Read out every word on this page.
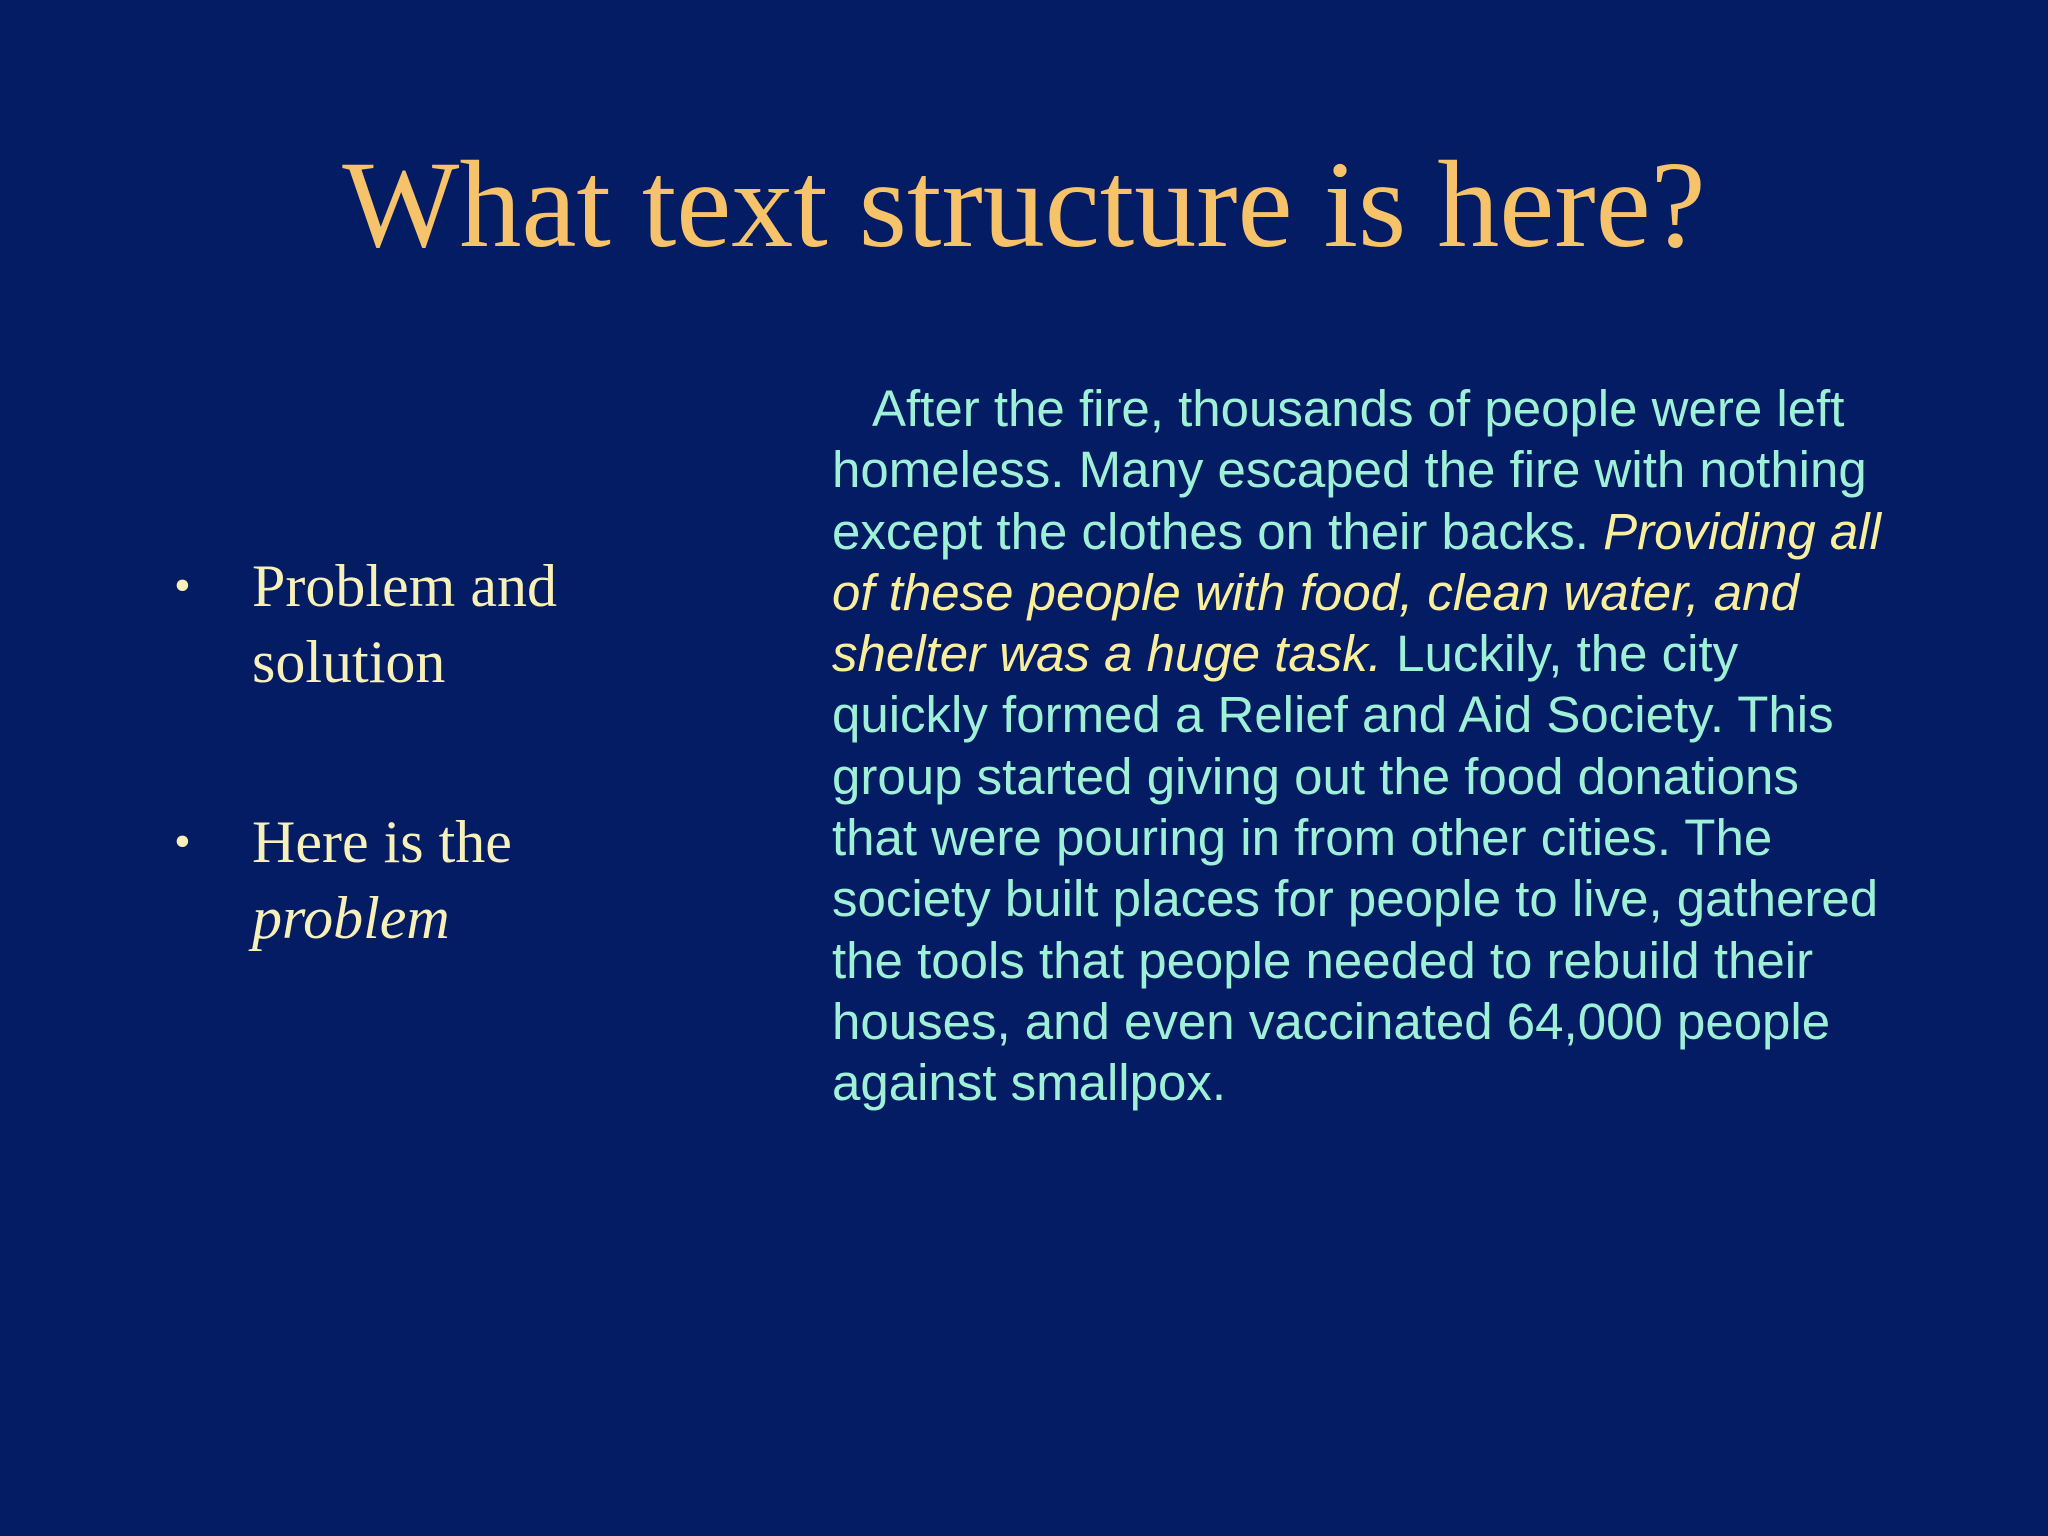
What text structure is here?
• Problem and solution
• Here is the problem

After the fire, thousands of people were left homeless. Many escaped the fire with nothing except the clothes on their backs. Providing all of these people with food, clean water, and shelter was a huge task. Luckily, the city quickly formed a Relief and Aid Society. This group started giving out the food donations that were pouring in from other cities. The society built places for people to live, gathered the tools that people needed to rebuild their houses, and even vaccinated 64,000 people against smallpox.
